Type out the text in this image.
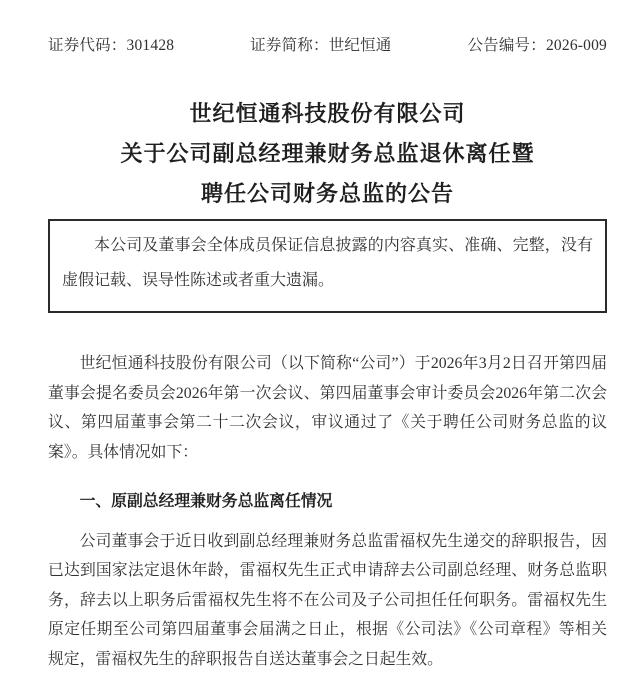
证券代码：301428	证券简称：世纪恒通	公告编号：2026-009
世纪恒通科技股份有限公司
关于公司副总经理兼财务总监退休离任暨
聘任公司财务总监的公告

本公司及董事会全体成员保证信息披露的内容真实、准确、完整，没有虚假记载、误导性陈述或者重大遗漏。

世纪恒通科技股份有限公司（以下简称“公司”）于2026年3月2日召开第四届董事会提名委员会2026年第一次会议、第四届董事会审计委员会2026年第二次会议、第四届董事会第二十二次会议，审议通过了《关于聘任公司财务总监的议案》。具体情况如下：

一、原副总经理兼财务总监离任情况

公司董事会于近日收到副总经理兼财务总监雷福权先生递交的辞职报告，因已达到国家法定退休年龄，雷福权先生正式申请辞去公司副总经理、财务总监职务，辞去以上职务后雷福权先生将不在公司及子公司担任任何职务。雷福权先生原定任期至公司第四届董事会届满之日止，根据《公司法》《公司章程》等相关规定，雷福权先生的辞职报告自送达董事会之日起生效。
